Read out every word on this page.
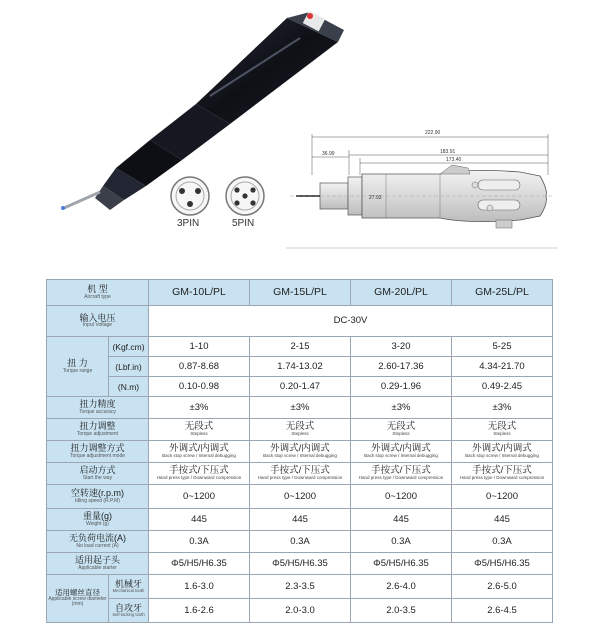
3PIN	5PIN
222.90
183.91
173.40
36.99
27.93
机 型
Aircraft type		GM-10L/PL	GM-15L/PL	GM-20L/PL	GM-25L/PL

输入电压
Input Voltage		DC-30V			

扭 力
Torque range	(Kgf.cm)	1-10	2-15	3-20	5-25

	(Lbf.in)	0.87-8.68	1.74-13.02	2.60-17.36	4.34-21.70

	(N.m)	0.10-0.98	0.20-1.47	0.29-1.96	0.49-2.45

扭力精度
Torque accuracy		±3%	±3%	±3%	±3%

扭力调整
Torque adjustment		无段式
Stepless	无段式
Stepless	无段式
Stepless	无段式
Stepless

扭力调整方式
Torque adjustment mode		外调式/内调式
Back stop screw / Internal debugging	外调式/内调式
Back stop screw / Internal debugging	外调式/内调式
Back stop screw / Internal debugging	外调式/内调式
Back stop screw / Internal debugging

启动方式
Start the way		手按式/下压式
Hand press type / Downward compression	手按式/下压式
Hand press type / Downward compression	手按式/下压式
Hand press type / Downward compression	手按式/下压式
Hand press type / Downward compression

空转速(r.p.m)
Idling speed (R.P.M)		0~1200	0~1200	0~1200	0~1200

重量(g)
Weight (g)		445	445	445	445

无负荷电流(A)
No load current (A)		0.3A	0.3A	0.3A	0.3A

适用起子头
Applicable starter		Φ5/H5/H6.35	Φ5/H5/H6.35	Φ5/H5/H6.35	Φ5/H5/H6.35

适用螺丝直径
Applicable screw diameter
(mm)	机械牙
Mechanical tooth	1.6-3.0	2.3-3.5	2.6-4.0	2.6-5.0

	自攻牙
Self-tacking tooth	1.6-2.6	2.0-3.0	2.0-3.5	2.6-4.5
